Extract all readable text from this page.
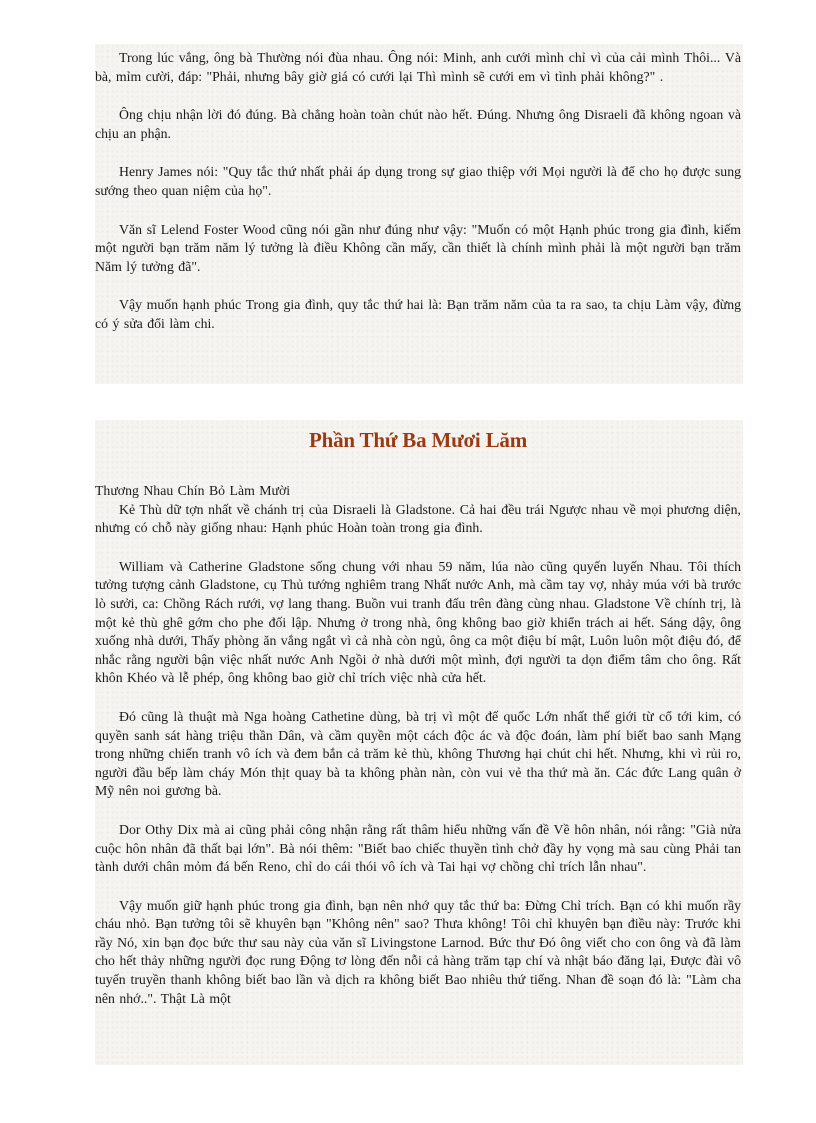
Trong lúc vắng, ông bà Thường nói đùa nhau. Ông nói: Minh, anh cưới mình chỉ vì của cải mình Thôi... Và bà, mỉm cười, đáp: "Phải, nhưng bây giờ giá có cưới lại Thì mình sẽ cưới em vì tình phải không?" .

Ông chịu nhận lời đó đúng. Bà chẳng hoàn toàn chút nào hết. Đúng. Nhưng ông Disraeli đã không ngoan và chịu an phận.

Henry James nói: "Quy tắc thứ nhất phải áp dụng trong sự giao thiệp với Mọi người là để cho họ được sung sướng theo quan niệm của họ".

Văn sĩ Lelend Foster Wood cũng nói gần như đúng như vậy: "Muốn có một Hạnh phúc trong gia đình, kiếm một người bạn trăm năm lý tưởng là điều Không cần mấy, cần thiết là chính mình phải là một người bạn trăm Năm lý tưởng đã".

Vậy muốn hạnh phúc Trong gia đình, quy tắc thứ hai là: Bạn trăm năm của ta ra sao, ta chịu Làm vậy, đừng có ý sửa đổi làm chi.

Phần Thứ Ba Mươi Lăm

Thương Nhau Chín Bỏ Làm Mười

Kẻ Thù dữ tợn nhất về chánh trị của Disraeli là Gladstone. Cả hai đều trái Ngược nhau về mọi phương diện, nhưng có chỗ này giống nhau: Hạnh phúc Hoàn toàn trong gia đình.

William và Catherine Gladstone sống chung với nhau 59 năm, lúa nào cũng quyến luyến Nhau. Tôi thích tưởng tượng cảnh Gladstone, cụ Thủ tướng nghiêm trang Nhất nước Anh, mà cầm tay vợ, nhảy múa với bà trước lò sưởi, ca: Chồng Rách rưới, vợ lang thang. Buồn vui tranh đấu trên đàng cùng nhau. Gladstone Về chính trị, là một kẻ thù ghê gớm cho phe đối lập. Nhưng ở trong nhà, ông không bao giờ khiển trách ai hết. Sáng dậy, ông xuống nhà dưới, Thấy phòng ăn vắng ngắt vì cả nhà còn ngủ, ông ca một điệu bí mật, Luôn luôn một điệu đó, để nhắc rằng người bận việc nhất nước Anh Ngồi ở nhà dưới một mình, đợi người ta dọn điểm tâm cho ông. Rất khôn Khéo và lễ phép, ông không bao giờ chỉ trích việc nhà cửa hết.

Đó cũng là thuật mà Nga hoàng Cathetine dùng, bà trị vì một đế quốc Lớn nhất thế giới từ cổ tới kim, có quyền sanh sát hàng triệu thần Dân, và cầm quyền một cách độc ác và độc đoán, làm phí biết bao sanh Mạng trong những chiến tranh vô ích và đem bắn cả trăm kẻ thù, không Thương hại chút chi hết. Nhưng, khi vì rủi ro, người đầu bếp làm cháy Món thịt quay bà ta không phàn nàn, còn vui vẻ tha thứ mà ăn. Các đức Lang quân ở Mỹ nên noi gương bà.

Dor Othy Dix mà ai cũng phải công nhận rằng rất thâm hiểu những vấn đề Về hôn nhân, nói rằng: "Già nửa cuộc hôn nhân đã thất bại lớn". Bà nói thêm: "Biết bao chiếc thuyền tình chở đầy hy vọng mà sau cùng Phải tan tành dưới chân mỏm đá bến Reno, chỉ do cái thói vô ích và Tai hại vợ chồng chỉ trích lẫn nhau".

Vậy muốn giữ hạnh phúc trong gia đình, bạn nên nhớ quy tắc thứ ba: Đừng Chỉ trích. Bạn có khi muốn rầy cháu nhỏ. Bạn tưởng tôi sẽ khuyên bạn "Không nên" sao? Thưa không! Tôi chỉ khuyên bạn điều này: Trước khi rầy Nó, xin bạn đọc bức thư sau này của văn sĩ Livingstone Larnod. Bức thư Đó ông viết cho con ông và đã làm cho hết thảy những người đọc rung Động tơ lòng đến nỗi cả hàng trăm tạp chí và nhật báo đăng lại, Được đài vô tuyến truyền thanh không biết bao lần và dịch ra không biết Bao nhiêu thứ tiếng. Nhan đề soạn đó là: "Làm cha nên nhớ..". Thật Là một
